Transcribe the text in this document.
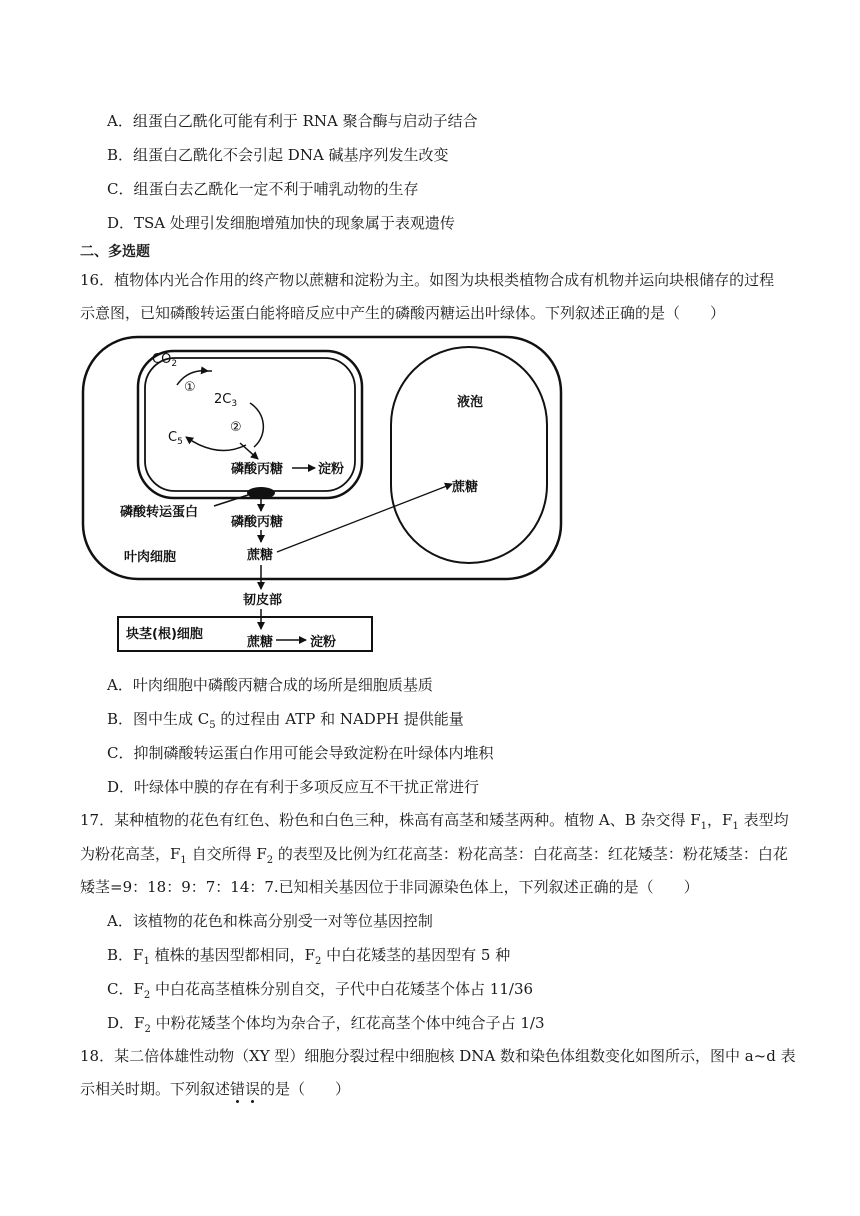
A．组蛋白乙酰化可能有利于 RNA 聚合酶与启动子结合
B．组蛋白乙酰化不会引起 DNA 碱基序列发生改变
C．组蛋白去乙酰化一定不利于哺乳动物的生存
D．TSA 处理引发细胞增殖加快的现象属于表观遗传
二、多选题
16．植物体内光合作用的终产物以蔗糖和淀粉为主。如图为块根类植物合成有机物并运向块根储存的过程
示意图，已知磷酸转运蛋白能将暗反应中产生的磷酸丙糖运出叶绿体。下列叙述正确的是（　　）
$CO_2$
①
$2C_3$
②
$C_5$
磷酸丙糖	淀粉
磷酸转运蛋白
磷酸丙糖
蔗糖
叶肉细胞
蔗糖
液泡
韧皮部
块茎(根)细胞
蔗糖	淀粉
A．叶肉细胞中磷酸丙糖合成的场所是细胞质基质
B．图中生成 $C_5$ 的过程由 ATP 和 NADPH 提供能量
C．抑制磷酸转运蛋白作用可能会导致淀粉在叶绿体内堆积
D．叶绿体中膜的存在有利于多项反应互不干扰正常进行
17．某种植物的花色有红色、粉色和白色三种，株高有高茎和矮茎两种。植物 A、B 杂交得 $F_1$，$F_1$ 表型均
为粉花高茎，$F_1$ 自交所得 $F_2$ 的表型及比例为红花高茎：粉花高茎：白花高茎：红花矮茎：粉花矮茎：白花
矮茎=9：18：9：7：14：7.已知相关基因位于非同源染色体上，下列叙述正确的是（　　）
A．该植物的花色和株高分别受一对等位基因控制
B．$F_1$ 植株的基因型都相同，$F_2$ 中白花矮茎的基因型有 5 种
C．$F_2$ 中白花高茎植株分别自交，子代中白花矮茎个体占 11/36
D．$F_2$ 中粉花矮茎个体均为杂合子，红花高茎个体中纯合子占 1/3
18．某二倍体雄性动物（XY 型）细胞分裂过程中细胞核 DNA 数和染色体组数变化如图所示，图中 a~d 表
示相关时期。下列叙述错误的是（　　）
